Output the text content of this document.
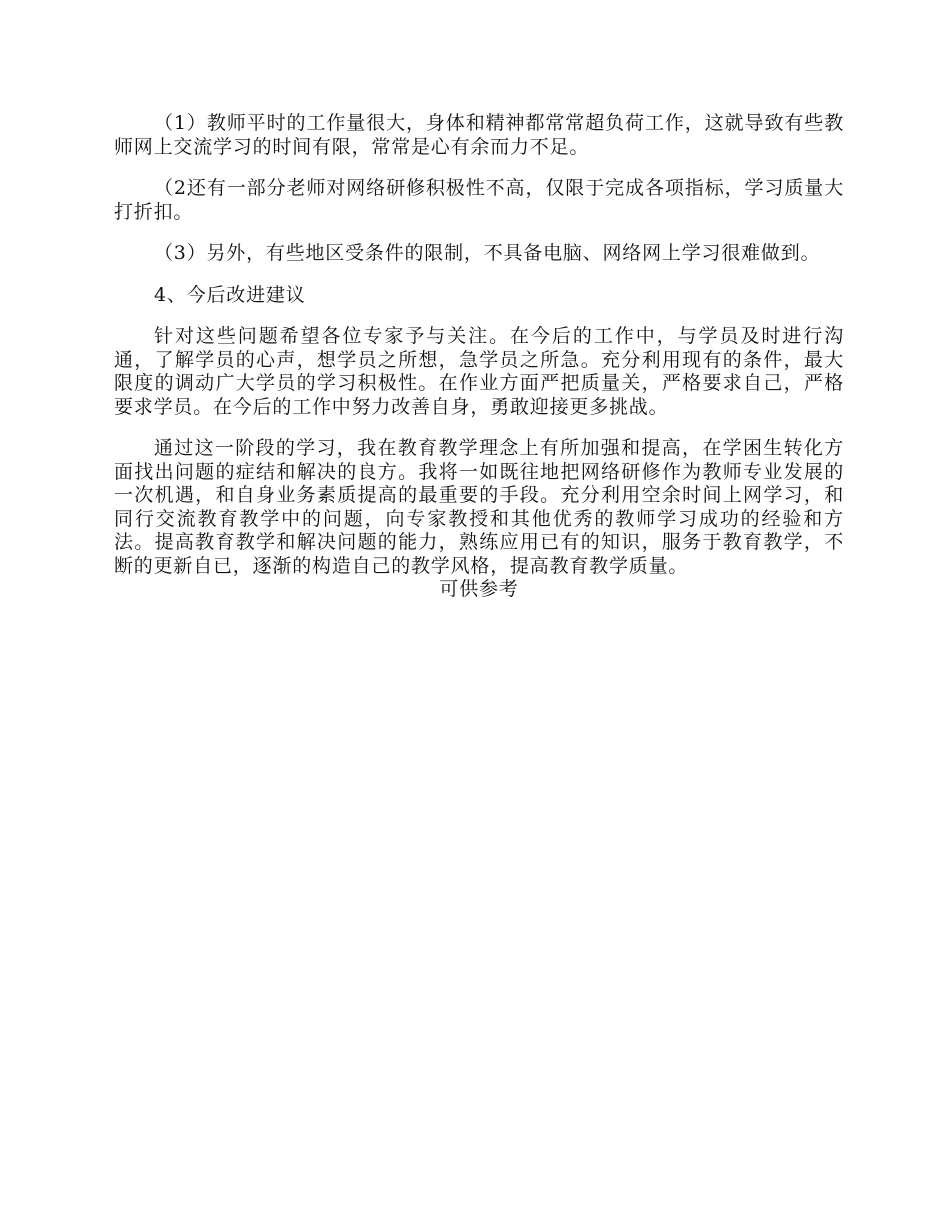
（1）教师平时的工作量很大，身体和精神都常常超负荷工作，这就导致有些教师网上交流学习的时间有限，常常是心有余而力不足。

（2还有一部分老师对网络研修积极性不高，仅限于完成各项指标，学习质量大打折扣。

（3）另外，有些地区受条件的限制，不具备电脑、网络网上学习很难做到。

4、今后改进建议

针对这些问题希望各位专家予与关注。在今后的工作中，与学员及时进行沟通，了解学员的心声，想学员之所想，急学员之所急。充分利用现有的条件，最大限度的调动广大学员的学习积极性。在作业方面严把质量关，严格要求自己，严格要求学员。在今后的工作中努力改善自身，勇敢迎接更多挑战。

通过这一阶段的学习，我在教育教学理念上有所加强和提高，在学困生转化方面找出问题的症结和解决的良方。我将一如既往地把网络研修作为教师专业发展的一次机遇，和自身业务素质提高的最重要的手段。充分利用空余时间上网学习，和同行交流教育教学中的问题，向专家教授和其他优秀的教师学习成功的经验和方法。提高教育教学和解决问题的能力，熟练应用已有的知识，服务于教育教学，不断的更新自已，逐渐的构造自己的教学风格，提高教育教学质量。

可供参考
